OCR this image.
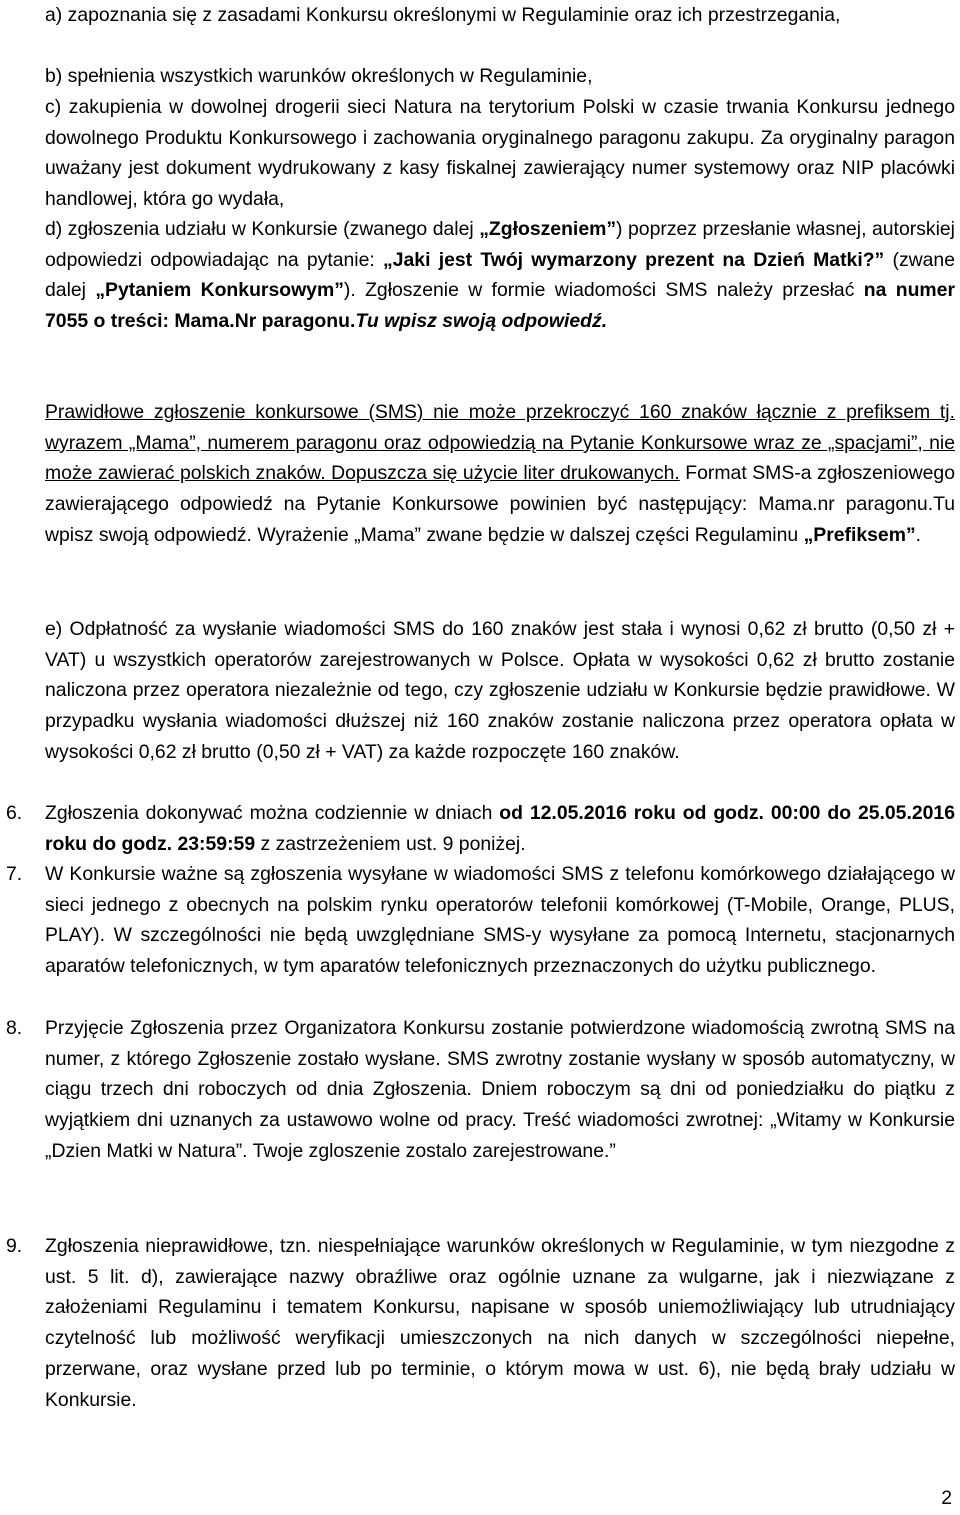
a) zapoznania się z zasadami Konkursu określonymi w Regulaminie oraz ich przestrzegania,
b) spełnienia wszystkich warunków określonych w Regulaminie,
c) zakupienia w dowolnej drogerii sieci Natura na terytorium Polski w czasie trwania Konkursu jednego dowolnego Produktu Konkursowego i zachowania oryginalnego paragonu zakupu. Za oryginalny paragon uważany jest dokument wydrukowany z kasy fiskalnej zawierający numer systemowy oraz NIP placówki handlowej, która go wydała,
d) zgłoszenia udziału w Konkursie (zwanego dalej „Zgłoszeniem”) poprzez przesłanie własnej, autorskiej odpowiedzi odpowiadając na pytanie: „Jaki jest Twój wymarzony prezent na Dzień Matki?” (zwane dalej „Pytaniem Konkursowym”). Zgłoszenie w formie wiadomości SMS należy przesłać na numer 7055 o treści: Mama.Nr paragonu.Tu wpisz swoją odpowiedź.
Prawidłowe zgłoszenie konkursowe (SMS) nie może przekroczyć 160 znaków łącznie z prefiksem tj. wyrazem „Mama”, numerem paragonu oraz odpowiedzią na Pytanie Konkursowe wraz ze „spacjami”, nie może zawierać polskich znaków. Dopuszcza się użycie liter drukowanych. Format SMS-a zgłoszeniowego zawierającego odpowiedź na Pytanie Konkursowe powinien być następujący: Mama.nr paragonu.Tu wpisz swoją odpowiedź. Wyrażenie „Mama” zwane będzie w dalszej części Regulaminu „Prefiksem”.
e) Odpłatność za wysłanie wiadomości SMS do 160 znaków jest stała i wynosi 0,62 zł brutto (0,50 zł + VAT) u wszystkich operatorów zarejestrowanych w Polsce. Opłata w wysokości 0,62 zł brutto zostanie naliczona przez operatora niezależnie od tego, czy zgłoszenie udziału w Konkursie będzie prawidłowe. W przypadku wysłania wiadomości dłuższej niż 160 znaków zostanie naliczona przez operatora opłata w wysokości 0,62 zł brutto (0,50 zł + VAT) za każde rozpoczęte 160 znaków.
6.	Zgłoszenia dokonywać można codziennie w dniach od 12.05.2016 roku od godz. 00:00 do 25.05.2016 roku do godz. 23:59:59 z zastrzeżeniem ust. 9 poniżej.
7.	W Konkursie ważne są zgłoszenia wysyłane w wiadomości SMS z telefonu komórkowego działającego w sieci jednego z obecnych na polskim rynku operatorów telefonii komórkowej (T-Mobile, Orange, PLUS, PLAY). W szczególności nie będą uwzględniane SMS-y wysyłane za pomocą Internetu, stacjonarnych aparatów telefonicznych, w tym aparatów telefonicznych przeznaczonych do użytku publicznego.
8.	Przyjęcie Zgłoszenia przez Organizatora Konkursu zostanie potwierdzone wiadomością zwrotną SMS na numer, z którego Zgłoszenie zostało wysłane. SMS zwrotny zostanie wysłany w sposób automatyczny, w ciągu trzech dni roboczych od dnia Zgłoszenia. Dniem roboczym są dni od poniedziałku do piątku z wyjątkiem dni uznanych za ustawowo wolne od pracy. Treść wiadomości zwrotnej: „Witamy w Konkursie „Dzien Matki w Natura”. Twoje zgloszenie zostalo zarejestrowane.”
9.	Zgłoszenia nieprawidłowe, tzn. niespełniające warunków określonych w Regulaminie, w tym niezgodne z ust. 5 lit. d), zawierające nazwy obraźliwe oraz ogólnie uznane za wulgarne, jak i niezwiązane z założeniami Regulaminu i tematem Konkursu, napisane w sposób uniemożliwiający lub utrudniający czytelność lub możliwość weryfikacji umieszczonych na nich danych w szczególności niepełne, przerwane, oraz wysłane przed lub po terminie, o którym mowa w ust. 6), nie będą brały udziału w Konkursie.
2
